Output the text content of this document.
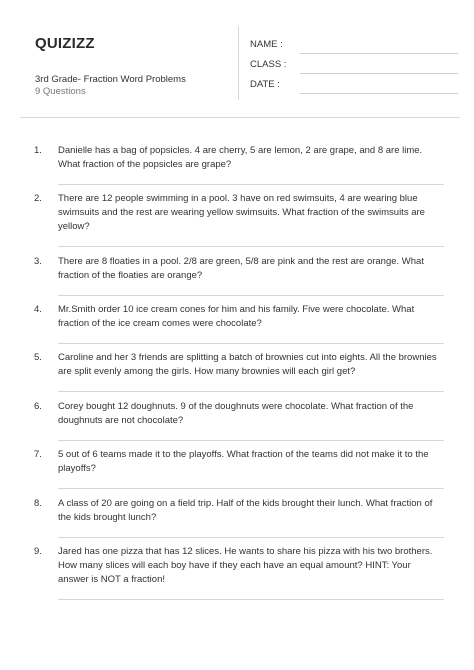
QUIZIZZ
3rd Grade- Fraction Word Problems
9 Questions
NAME :
CLASS :
DATE :
1. Danielle has a bag of popsicles. 4 are cherry, 5 are lemon, 2 are grape, and 8 are lime. What fraction of the popsicles are grape?
2. There are 12 people swimming in a pool. 3 have on red swimsuits, 4 are wearing blue swimsuits and the rest are wearing yellow swimsuits. What fraction of the swimsuits are yellow?
3. There are 8 floaties in a pool. 2/8 are green, 5/8 are pink and the rest are orange. What fraction of the floaties are orange?
4. Mr.Smith order 10 ice cream cones for him and his family. Five were chocolate. What fraction of the ice cream comes were chocolate?
5. Caroline and her 3 friends are splitting a batch of brownies cut into eights. All the brownies are split evenly among the girls. How many brownies will each girl get?
6. Corey bought 12 doughnuts. 9 of the doughnuts were chocolate. What fraction of the doughnuts are not chocolate?
7. 5 out of 6 teams made it to the playoffs. What fraction of the teams did not make it to the playoffs?
8. A class of 20 are going on a field trip. Half of the kids brought their lunch. What fraction of the kids brought lunch?
9. Jared has one pizza that has 12 slices. He wants to share his pizza with his two brothers. How many slices will each boy have if they each have an equal amount? HINT: Your answer is NOT a fraction!
